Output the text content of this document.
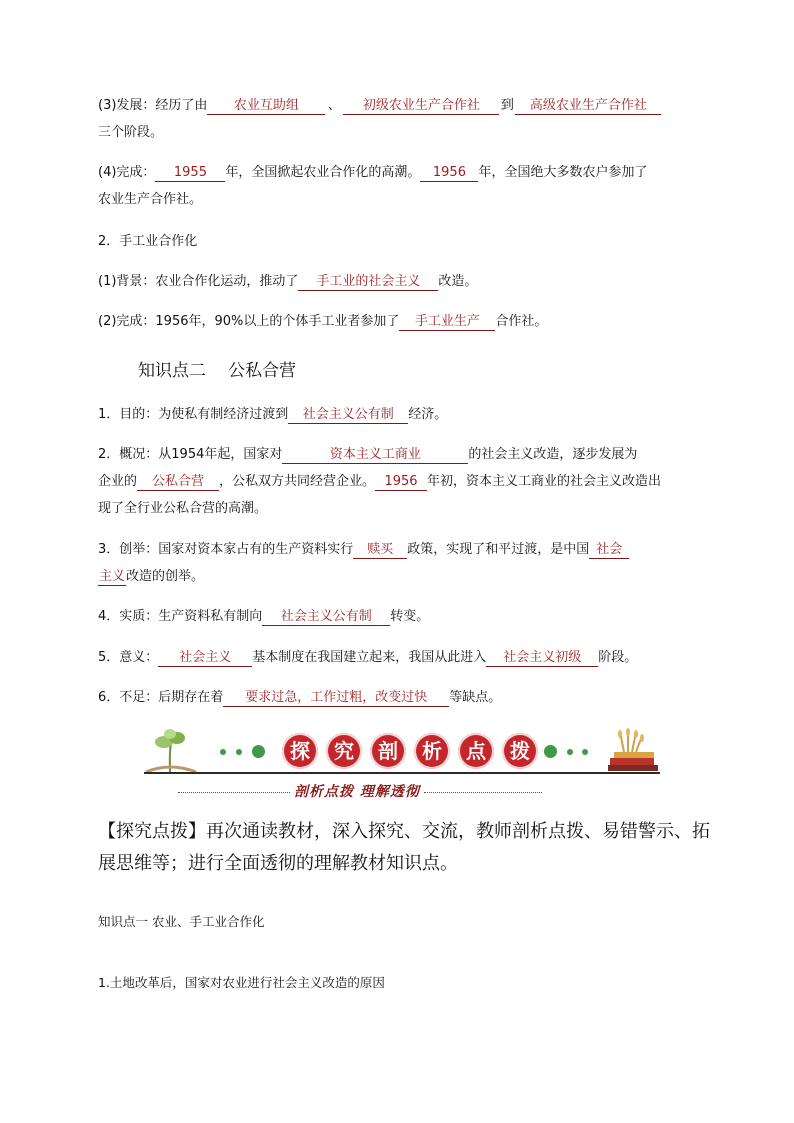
(3)发展：经历了由 农业互助组 、 初级农业生产合作社 到 高级农业生产合作社
三个阶段。
(4)完成： 1955 年，全国掀起农业合作化的高潮。 1956 年，全国绝大多数农户参加了
农业生产合作社。
2．手工业合作化
(1)背景：农业合作化运动，推动了 手工业的社会主义 改造。
(2)完成：1956年，90%以上的个体手工业者参加了 手工业生产 合作社。
知识点二 公私合营
1．目的：为使私有制经济过渡到 社会主义公有制 经济。
2．概况：从1954年起，国家对	资本主义工商业	的社会主义改造，逐步发展为
企业的 公私合营 ，公私双方共同经营企业。 1956 年初，资本主义工商业的社会主义改造出
现了全行业公私合营的高潮。
3．创举：国家对资本家占有的生产资料实行 赎买 政策，实现了和平过渡，是中国 社会
主义改造的创举。
4．实质：生产资料私有制向 社会主义公有制 转变。
5．意义： 社会主义 基本制度在我国建立起来，我国从此进入 社会主义初级 阶段。
6．不足：后期存在着 要求过急，工作过粗，改变过快 等缺点。
探	究	剖	析	点	拨
剖析点拨 理解透彻
【探究点拨】再次通读教材，深入探究、交流，教师剖析点拨、易错警示、拓展思维等；进行全面透彻的理解教材知识点。
知识点一 农业、手工业合作化
1.土地改革后，国家对农业进行社会主义改造的原因
